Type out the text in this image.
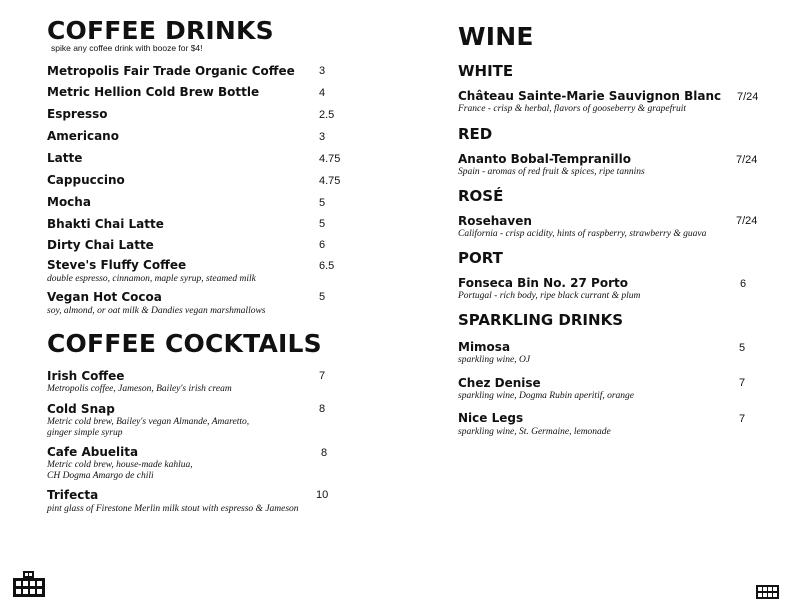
COFFEE DRINKS
spike any coffee drink with booze for $4!
Metropolis Fair Trade Organic Coffee 3
Metric Hellion Cold Brew Bottle	4
Espresso	2.5
Americano	3
Latte	4.75
Cappuccino	4.75
Mocha	5
Bhakti Chai Latte	5
Dirty Chai Latte	6
Steve's Fluffy Coffee	6.5
double espresso, cinnamon, maple syrup, steamed milk
Vegan Hot Cocoa	5
soy, almond, or oat milk & Dandies vegan marshmallows
COFFEE COCKTAILS
Irish Coffee	7
Metropolis coffee, Jameson, Bailey's irish cream
Cold Snap	8
Metric cold brew, Bailey's vegan Almande, Amaretto,
ginger simple syrup
Cafe Abuelita	8
Metric cold brew, house-made kahlua,
CH Dogma Amargo de chili
Trifecta	10
pint glass of Firestone Merlin milk stout with espresso & Jameson
WINE
WHITE
Château Sainte-Marie Sauvignon Blanc 7/24
France - crisp & herbal, flavors of gooseberry & grapefruit
RED
Ananto Bobal-Tempranillo	7/24
Spain - aromas of red fruit & spices, ripe tannins
ROSÉ
Rosehaven	7/24
California - crisp acidity, hints of raspberry, strawberry & guava
PORT
Fonseca Bin No. 27 Porto	6
Portugal - rich body, ripe black currant & plum
SPARKLING DRINKS
Mimosa	5
sparkling wine, OJ
Chez Denise	7
sparkling wine, Dogma Rubin aperitif, orange
Nice Legs	7
sparkling wine, St. Germaine, lemonade
